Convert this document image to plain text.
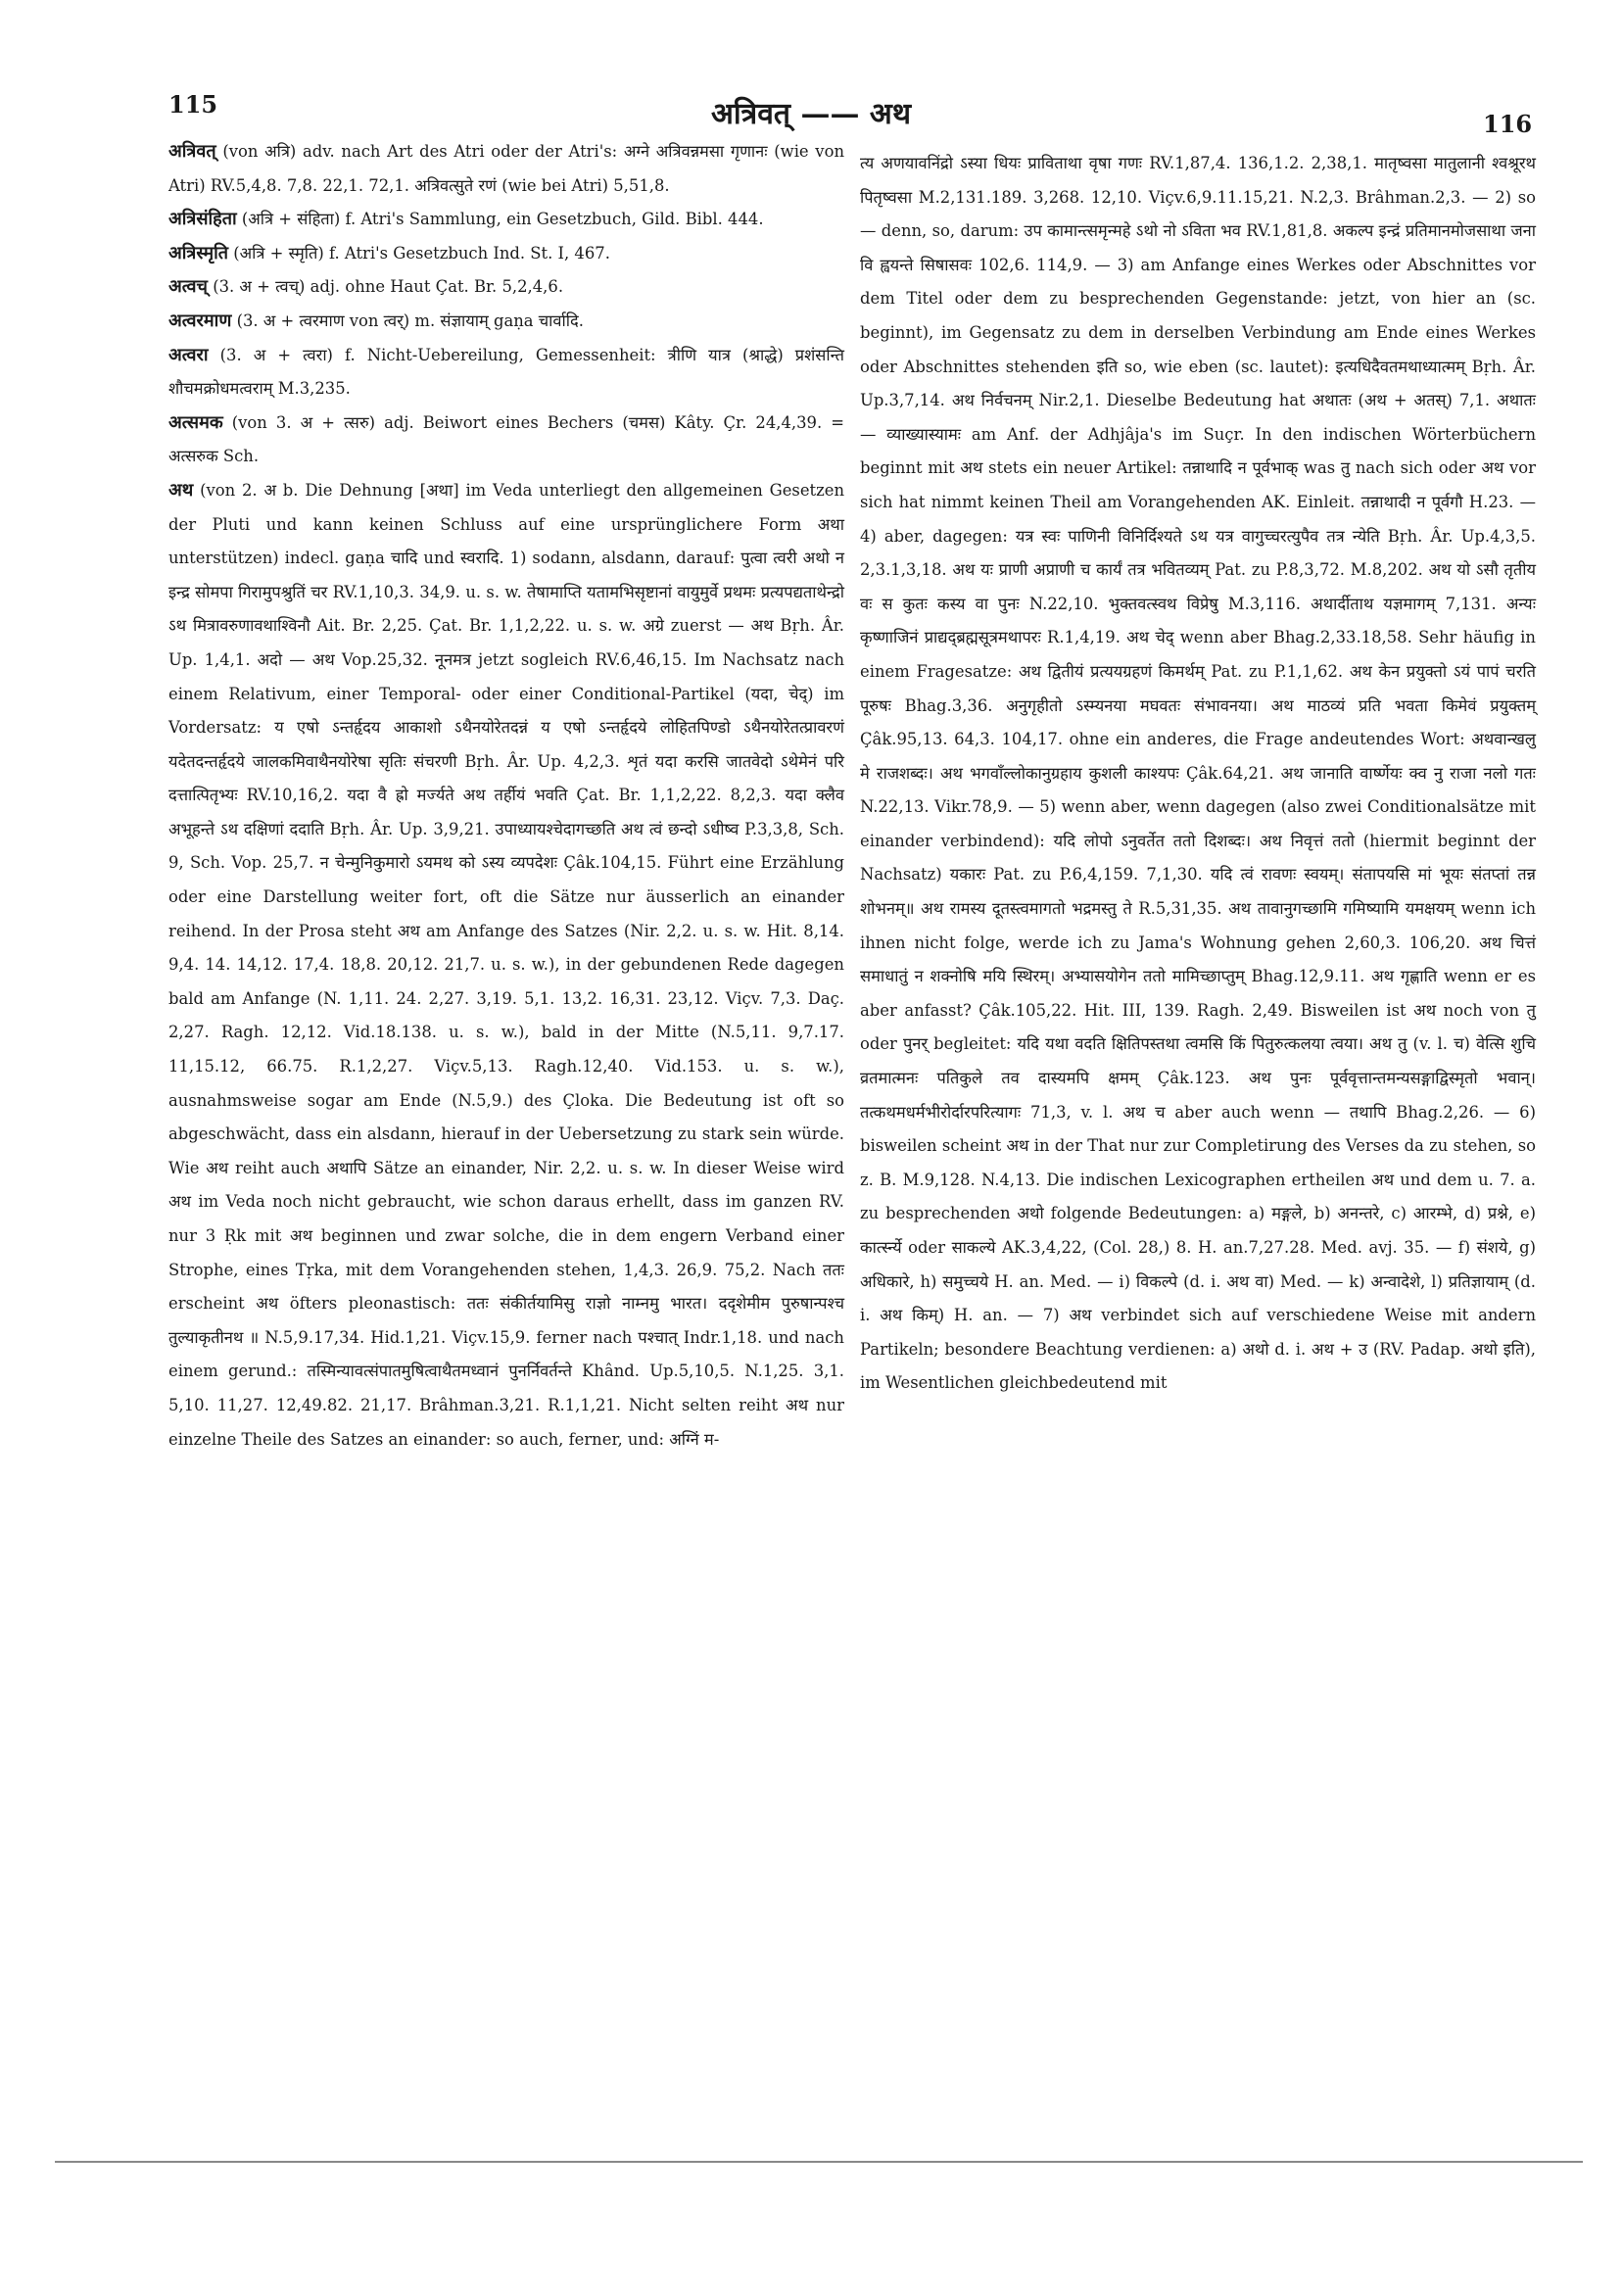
115	अत्रिवत् —— अथ	116

अत्रिवत् (von अत्रि) adv. nach Art des Atri oder der Atri's: अग्ने अत्रिवन्नमसा गृणानः (wie von Atri) RV.5,4,8. 7,8. 22,1. 72,1. अत्रिवत्सुते रणं (wie bei Atri) 5,51,8.

अत्रिसंहिता (अत्रि + संहिता) f. Atri's Sammlung, ein Gesetzbuch, Gild. Bibl. 444.

अत्रिस्मृति (अत्रि + स्मृति) f. Atri's Gesetzbuch Ind. St. I, 467.

अत्वच् (3. अ + त्वच्) adj. ohne Haut Çat. Br. 5,2,4,6.

अत्वरमाण (3. अ + त्वरमाण von त्वर्) m. संज्ञायाम् gaṇa चार्वादि.

अत्वरा (3. अ + त्वरा) f. Nicht-Uebereilung, Gemessenheit: त्रीणि यात्र (श्राद्धे) प्रशंसन्ति शौचमक्रोधमत्वराम् M.3,235.

अत्समक (von 3. अ + त्सरु) adj. Beiwort eines Bechers (चमस) Kâty. Çr. 24,4,39. = अत्सरुक Sch.

अथ (von 2. अ b. Die Dehnung [अथा] im Veda unterliegt den allgemeinen Gesetzen der Pluti und kann keinen Schluss auf eine ursprünglichere Form अथा unterstützen) indecl. gaṇa चादि und स्वरादि. 1) sodann, alsdann, darauf: पुत्वा त्वरी अथो न इन्द्र सोमपा गिरामुपश्रुतिं चर RV.1,10,3. 34,9. u. s. w. तेषामाप्ति यतामभिसृष्टानां वायुमुर्वे प्रथमः प्रत्यपद्यताथेन्द्रो ऽथ मित्रावरुणावथाश्विनौ Ait. Br. 2,25. Çat. Br. 1,1,2,22. u. s. w. अग्रे zuerst — अथ Bṛh. Âr. Up. 1,4,1. अदो — अथ Vop.25,32. नूनमत्र jetzt sogleich RV.6,46,15. Im Nachsatz nach einem Relativum, einer Temporal- oder einer Conditional-Partikel (यदा, चेद्) im Vordersatz: य एषो ऽन्तर्हृदय आकाशो ऽथैनयोरेतदन्नं य एषो ऽन्तर्हृदये लोहितपिण्डो ऽथैनयोरेतत्प्रावरणं यदेतदन्तर्हृदये जालकमिवाथैनयोरेषा सृतिः संचरणी Bṛh. Âr. Up. 4,2,3. शृतं यदा करसि जातवेदो ऽथेमेनं परि दत्तात्पितृभ्यः RV.10,16,2. यदा वै ह्रो मर्ज्यते अथ तर्हीयं भवति Çat. Br. 1,1,2,22. 8,2,3. यदा क्लैव अभूहन्ते ऽथ दक्षिणां ददाति Bṛh. Âr. Up. 3,9,21. उपाध्यायश्चेदागच्छति अथ त्वं छन्दो ऽधीष्व P.3,3,8, Sch. 9, Sch. Vop. 25,7. न चेन्मुनिकुमारो ऽयमथ को ऽस्य व्यपदेशः Çâk.104,15. Führt eine Erzählung oder eine Darstellung weiter fort, oft die Sätze nur äusserlich an einander reihend. In der Prosa steht अथ am Anfange des Satzes (Nir. 2,2. u. s. w. Hit. 8,14. 9,4. 14. 14,12. 17,4. 18,8. 20,12. 21,7. u. s. w.), in der gebundenen Rede dagegen bald am Anfange (N. 1,11. 24. 2,27. 3,19. 5,1. 13,2. 16,31. 23,12. Viçv. 7,3. Daç. 2,27. Ragh. 12,12. Vid.18.138. u. s. w.), bald in der Mitte (N.5,11. 9,7.17. 11,15.12, 66.75. R.1,2,27. Viçv.5,13. Ragh.12,40. Vid.153. u. s. w.), ausnahmsweise sogar am Ende (N.5,9.) des Çloka. Die Bedeutung ist oft so abgeschwächt, dass ein alsdann, hierauf in der Uebersetzung zu stark sein würde. Wie अथ reiht auch अथापि Sätze an einander, Nir. 2,2. u. s. w. In dieser Weise wird अथ im Veda noch nicht gebraucht, wie schon daraus erhellt, dass im ganzen RV. nur 3 Ṛk mit अथ beginnen und zwar solche, die in dem engern Verband einer Strophe, eines Tṛka, mit dem Vorangehenden stehen, 1,4,3. 26,9. 75,2. Nach ततः erscheint अथ öfters pleonastisch: ततः संकीर्तयामिसु राज्ञो नाम्नमु भारत। ददृशेमीम पुरुषान्पश्च तुल्याकृतीनथ ॥ N.5,9.17,34. Hid.1,21. Viçv.15,9. ferner nach पश्चात् Indr.1,18. und nach einem gerund.: तस्मिन्यावत्संपातमुषित्वाथैतमध्वानं पुनर्निवर्तन्ते Khând. Up.5,10,5. N.1,25. 3,1. 5,10. 11,27. 12,49.82. 21,17. Brâhman.3,21. R.1,1,21. Nicht selten reiht अथ nur einzelne Theile des Satzes an einander: so auch, ferner, und: अग्निं म-

त्य अणयावनिंद्रो ऽस्या धियः प्राविताथा वृषा गणः RV.1,87,4. 136,1.2. 2,38,1. मातृष्वसा मातुलानी श्वश्रूरथ पितृष्वसा M.2,131.189. 3,268. 12,10. Viçv.6,9.11.15,21. N.2,3. Brâhman.2,3. — 2) so — denn, so, darum: उप कामान्त्समृन्महे ऽथो नो ऽविता भव RV.1,81,8. अकल्प इन्द्रं प्रतिमानमोजसाथा जना वि ह्वयन्ते सिषासवः 102,6. 114,9. — 3) am Anfange eines Werkes oder Abschnittes vor dem Titel oder dem zu besprechenden Gegenstande: jetzt, von hier an (sc. beginnt), im Gegensatz zu dem in derselben Verbindung am Ende eines Werkes oder Abschnittes stehenden इति so, wie eben (sc. lautet): इत्यधिदैवतमथाध्यात्मम् Bṛh. Âr. Up.3,7,14. अथ निर्वचनम् Nir.2,1. Dieselbe Bedeutung hat अथातः (अथ + अतस्) 7,1. अथातः — व्याख्यास्यामः am Anf. der Adhjâja's im Suçr. In den indischen Wörterbüchern beginnt mit अथ stets ein neuer Artikel: तन्नाथादि न पूर्वभाक् was तु nach sich oder अथ vor sich hat nimmt keinen Theil am Vorangehenden AK. Einleit. तन्नाथादी न पूर्वगौ H.23. — 4) aber, dagegen: यत्र स्वः पाणिनी विनिर्दिश्यते ऽथ यत्र वागुच्चरत्युपैव तत्र न्येति Bṛh. Âr. Up.4,3,5. 2,3.1,3,18. अथ यः प्राणी अप्राणी च कार्यं तत्र भवितव्यम् Pat. zu P.8,3,72. M.8,202. अथ यो ऽसौ तृतीय वः स कुतः कस्य वा पुनः N.22,10. भुक्तवत्स्वथ विप्रेषु M.3,116. अथार्दीताथ यज्ञमागम् 7,131. अन्यः कृष्णाजिनं प्राद्यद्ब्रह्मसूत्रमथापरः R.1,4,19. अथ चेद् wenn aber Bhag.2,33.18,58. Sehr häufig in einem Fragesatze: अथ द्वितीयं प्रत्ययग्रहणं किमर्थम् Pat. zu P.1,1,62. अथ केन प्रयुक्तो ऽयं पापं चरति पूरुषः Bhag.3,36. अनुगृहीतो ऽस्म्यनया मघवतः संभावनया। अथ माठव्यं प्रति भवता किमेवं प्रयुक्तम् Çâk.95,13. 64,3. 104,17. ohne ein anderes, die Frage andeutendes Wort: अथवान्खलु मे राजशब्दः। अथ भगवाँल्लोकानुग्रहाय कुशली काश्यपः Çâk.64,21. अथ जानाति वार्ष्णेयः क्व नु राजा नलो गतः N.22,13. Vikr.78,9. — 5) wenn aber, wenn dagegen (also zwei Conditionalsätze mit einander verbindend): यदि लोपो ऽनुवर्तेत ततो दिशब्दः। अथ निवृत्तं ततो (hiermit beginnt der Nachsatz) यकारः Pat. zu P.6,4,159. 7,1,30. यदि त्वं रावणः स्वयम्। संतापयसि मां भूयः संतप्तां तन्न शोभनम्॥ अथ रामस्य दूतस्त्वमागतो भद्रमस्तु ते R.5,31,35. अथ तावानुगच्छामि गमिष्यामि यमक्षयम् wenn ich ihnen nicht folge, werde ich zu Jama's Wohnung gehen 2,60,3. 106,20. अथ चित्तं समाधातुं न शक्नोषि मयि स्थिरम्। अभ्यासयोगेन ततो मामिच्छाप्तुम् Bhag.12,9.11. अथ गृह्णाति wenn er es aber anfasst? Çâk.105,22. Hit. III, 139. Ragh. 2,49. Bisweilen ist अथ noch von तु oder पुनर् begleitet: यदि यथा वदति क्षितिपस्तथा त्वमसि किं पितुरुत्कलया त्वया। अथ तु (v. l. च) वेत्सि शुचि व्रतमात्मनः पतिकुले तव दास्यमपि क्षमम् Çâk.123. अथ पुनः पूर्ववृत्तान्तमन्यसङ्गाद्विस्मृतो भवान्। तत्कथमधर्मभीरोर्दारपरित्यागः 71,3, v. l. अथ च aber auch wenn — तथापि Bhag.2,26. — 6) bisweilen scheint अथ in der That nur zur Completirung des Verses da zu stehen, so z. B. M.9,128. N.4,13. Die indischen Lexicographen ertheilen अथ und dem u. 7. a. zu besprechenden अथो folgende Bedeutungen: a) मङ्गले, b) अनन्तरे, c) आरम्भे, d) प्रश्ने, e) कार्त्स्न्ये oder साकल्ये AK.3,4,22, (Col. 28,) 8. H. an.7,27.28. Med. avj. 35. — f) संशये, g) अधिकारे, h) समुच्चये H. an. Med. — i) विकल्पे (d. i. अथ वा) Med. — k) अन्वादेशे, l) प्रतिज्ञायाम् (d. i. अथ किम्) H. an. — 7) अथ verbindet sich auf verschiedene Weise mit andern Partikeln; besondere Beachtung verdienen: a) अथो d. i. अथ + उ (RV. Padap. अथो इति), im Wesentlichen gleichbedeutend mit
